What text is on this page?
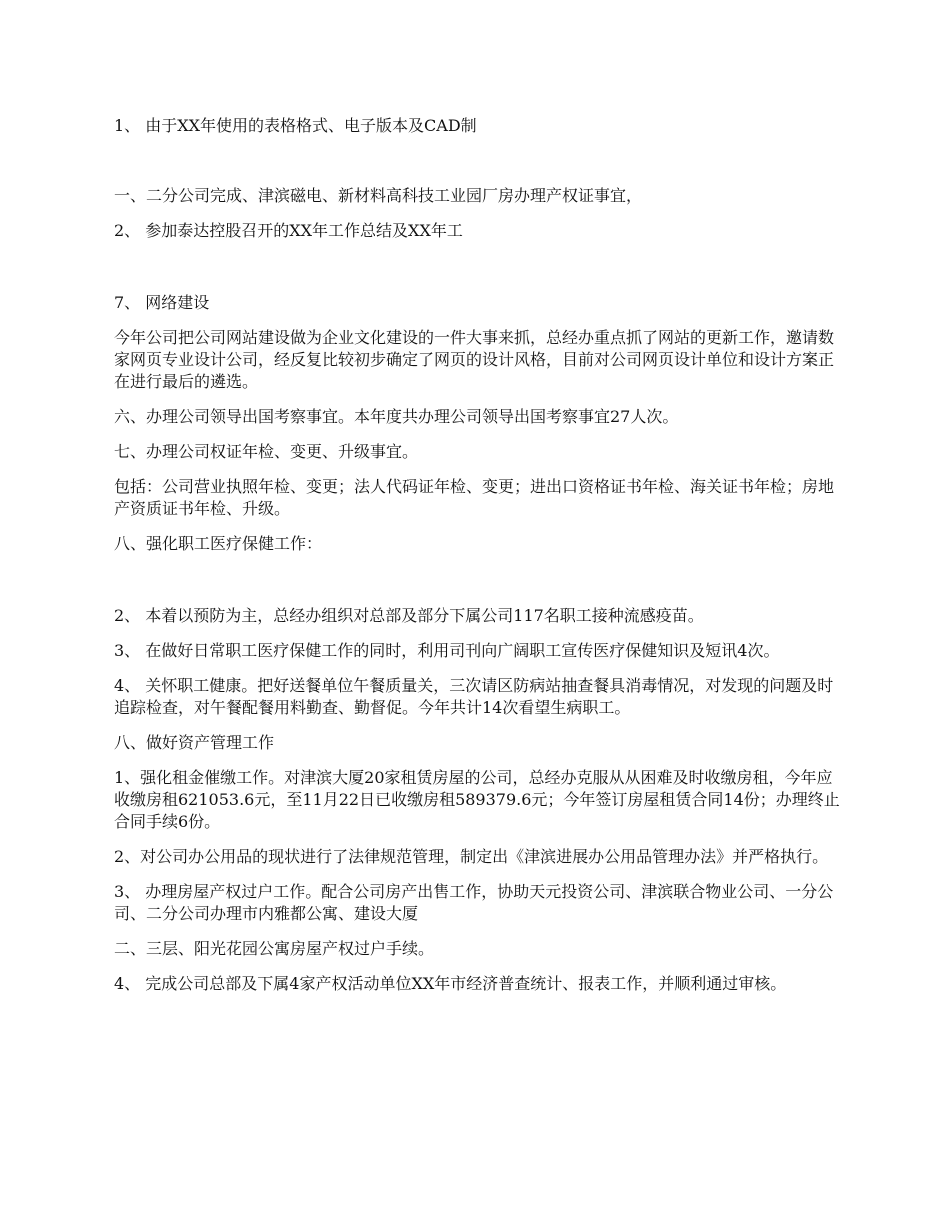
1、 由于XX年使用的表格格式、电子版本及CAD制

一、二分公司完成、津滨磁电、新材料高科技工业园厂房办理产权证事宜，

2、 参加泰达控股召开的XX年工作总结及XX年工

7、 网络建设

今年公司把公司网站建设做为企业文化建设的一件大事来抓，总经办重点抓了网站的更新工作，邀请数家网页专业设计公司，经反复比较初步确定了网页的设计风格，目前对公司网页设计单位和设计方案正在进行最后的遴选。

六、办理公司领导出国考察事宜。本年度共办理公司领导出国考察事宜27人次。

七、办理公司权证年检、变更、升级事宜。

包括：公司营业执照年检、变更；法人代码证年检、变更；进出口资格证书年检、海关证书年检；房地产资质证书年检、升级。

八、强化职工医疗保健工作：

2、 本着以预防为主，总经办组织对总部及部分下属公司117名职工接种流感疫苗。

3、 在做好日常职工医疗保健工作的同时，利用司刊向广阔职工宣传医疗保健知识及短讯4次。

4、 关怀职工健康。把好送餐单位午餐质量关，三次请区防病站抽查餐具消毒情况，对发现的问题及时追踪检查，对午餐配餐用料勤查、勤督促。今年共计14次看望生病职工。

八、做好资产管理工作

1、强化租金催缴工作。对津滨大厦20家租赁房屋的公司，总经办克服从从困难及时收缴房租，今年应收缴房租621053.6元，至11月22日已收缴房租589379.6元；今年签订房屋租赁合同14份；办理终止合同手续6份。

2、对公司办公用品的现状进行了法律规范管理，制定出《津滨进展办公用品管理办法》并严格执行。

3、 办理房屋产权过户工作。配合公司房产出售工作，协助天元投资公司、津滨联合物业公司、一分公司、二分公司办理市内雅都公寓、建设大厦

二、三层、阳光花园公寓房屋产权过户手续。

4、 完成公司总部及下属4家产权活动单位XX年市经济普查统计、报表工作，并顺利通过审核。
